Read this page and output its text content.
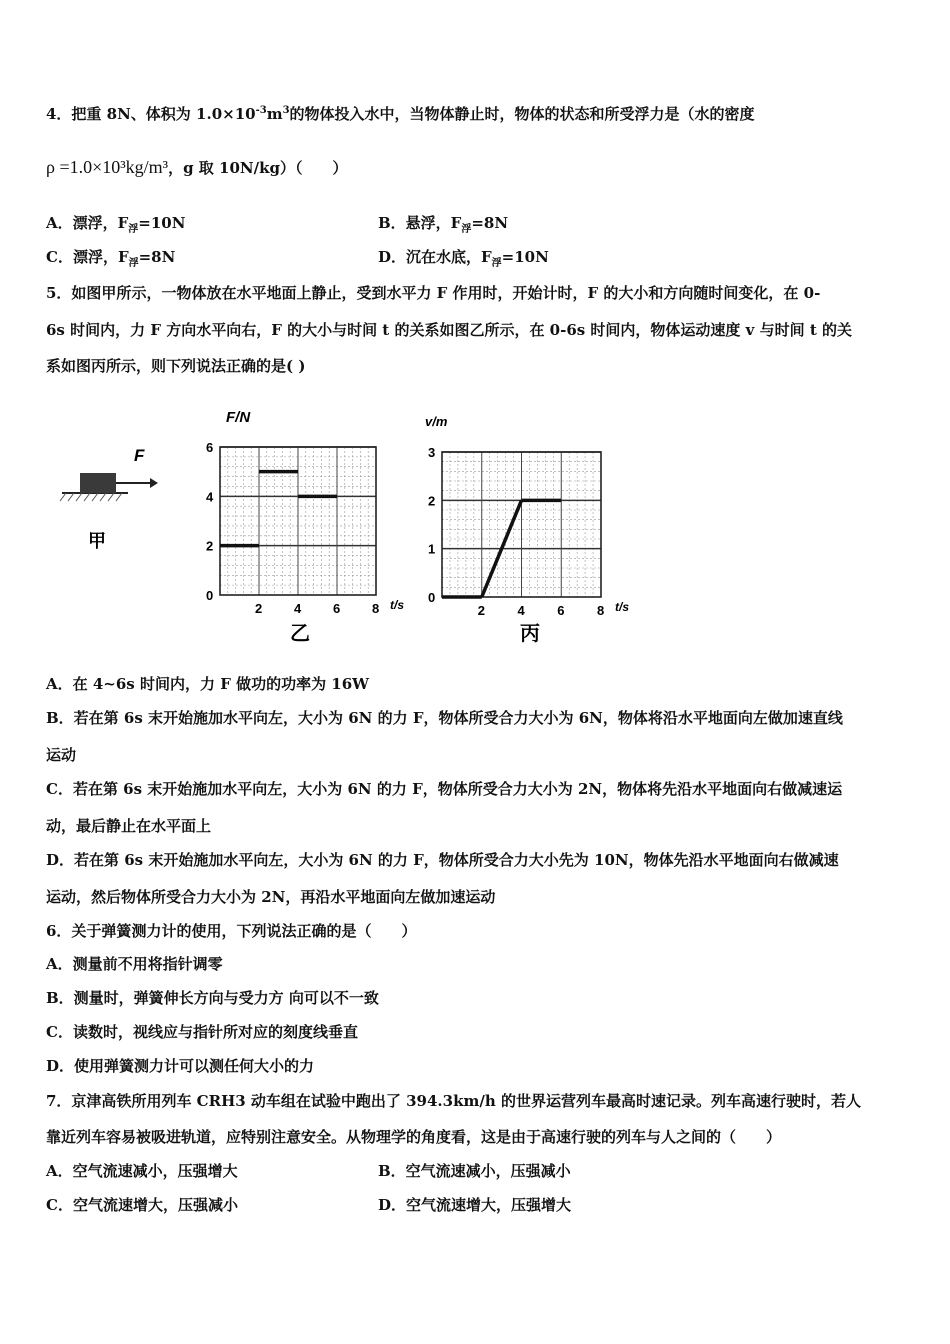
4．把重 8N、体积为 $1.0\times 10^{-3}m^3$的物体投入水中，当物体静止时，物体的状态和所受浮力是（水的密度
ρ =1.0×10³kg/m³，g 取 10N/kg）（　　）
A．漂浮，$F_浮=10N$	B．悬浮，$F_浮=8N$
C．漂浮，$F_浮=8N$	D．沉在水底，$F_浮=10N$
5．如图甲所示，一物体放在水平地面上静止，受到水平力 F 作用时，开始计时，F 的大小和方向随时间变化，在 0-
6s 时间内，力 F 方向水平向右，F 的大小与时间 t 的关系如图乙所示，在 0-6s 时间内，物体运动速度 v 与时间 t 的关
系如图丙所示，则下列说法正确的是( )
F
甲
F/N
0
2
4
6
2 4 6 8 t/s
乙
v/m
0
1
2
3
2	4	6	8 t/s
丙
A．在 4~6s 时间内，力 F 做功的功率为 16W
B．若在第 6s 末开始施加水平向左，大小为 6N 的力 F，物体所受合力大小为 6N，物体将沿水平地面向左做加速直线
运动
C．若在第 6s 末开始施加水平向左，大小为 6N 的力 F，物体所受合力大小为 2N，物体将先沿水平地面向右做减速运
动，最后静止在水平面上
D．若在第 6s 末开始施加水平向左，大小为 6N 的力 F，物体所受合力大小先为 10N，物体先沿水平地面向右做减速
运动，然后物体所受合力大小为 2N，再沿水平地面向左做加速运动
6．关于弹簧测力计的使用，下列说法正确的是（　　）
A．测量前不用将指针调零
B．测量时，弹簧伸长方向与受力方 向可以不一致
C．读数时，视线应与指针所对应的刻度线垂直
D．使用弹簧测力计可以测任何大小的力
7．京津高铁所用列车 CRH3 动车组在试验中跑出了 394.3km/h 的世界运营列车最高时速记录。列车高速行驶时，若人
靠近列车容易被吸进轨道，应特别注意安全。从物理学的角度看，这是由于高速行驶的列车与人之间的（　　）
A．空气流速减小，压强增大	B．空气流速减小，压强减小
C．空气流速增大，压强减小	D．空气流速增大，压强增大
